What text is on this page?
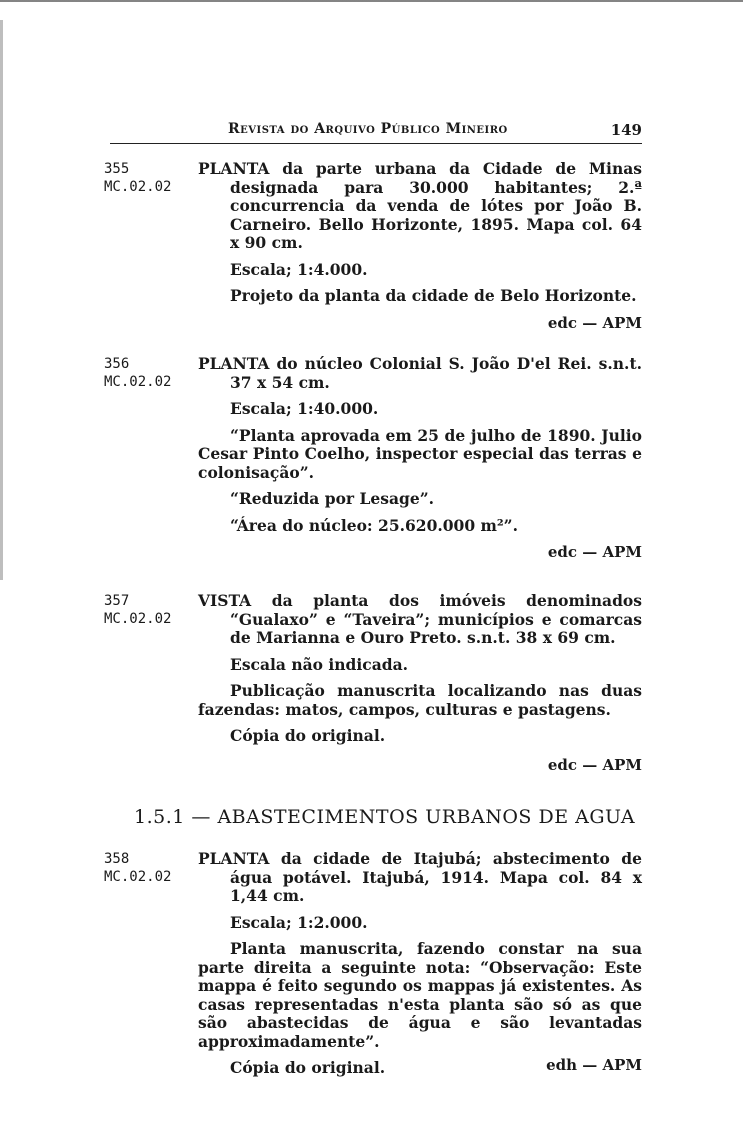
Revista do Arquivo Público Mineiro	149
355
MC.02.02

PLANTA da parte urbana da Cidade de Minas designada para 30.000 habitantes; 2.ª concurrencia da venda de lótes por João B. Carneiro. Bello Horizonte, 1895. Mapa col. 64 x 90 cm.

Escala; 1:4.000.

Projeto da planta da cidade de Belo Horizonte.

edc — APM
356
MC.02.02

PLANTA do núcleo Colonial S. João D'el Rei. s.n.t. 37 x 54 cm.

Escala; 1:40.000.

“Planta aprovada em 25 de julho de 1890. Julio Cesar Pinto Coelho, inspector especial das terras e colonisação”.

“Reduzida por Lesage”.

“Área do núcleo: 25.620.000 m²”.

edc — APM
357
MC.02.02

VISTA da planta dos imóveis denominados “Gualaxo” e “Taveira”; municípios e comarcas de Marianna e Ouro Preto. s.n.t. 38 x 69 cm.

Escala não indicada.

Publicação manuscrita localizando nas duas fazendas: matos, campos, culturas e pastagens.

Cópia do original.

edc — APM
1.5.1 — ABASTECIMENTOS URBANOS DE AGUA
358
MC.02.02

PLANTA da cidade de Itajubá; abstecimento de água potável. Itajubá, 1914. Mapa col. 84 x 1,44 cm.

Escala; 1:2.000.

Planta manuscrita, fazendo constar na sua parte direita a seguinte nota: “Observação: Este mappa é feito segundo os mappas já existentes. As casas representadas n'esta planta são só as que são abastecidas de água e são levantadas approximadamente”.

Cópia do original.	edh — APM
